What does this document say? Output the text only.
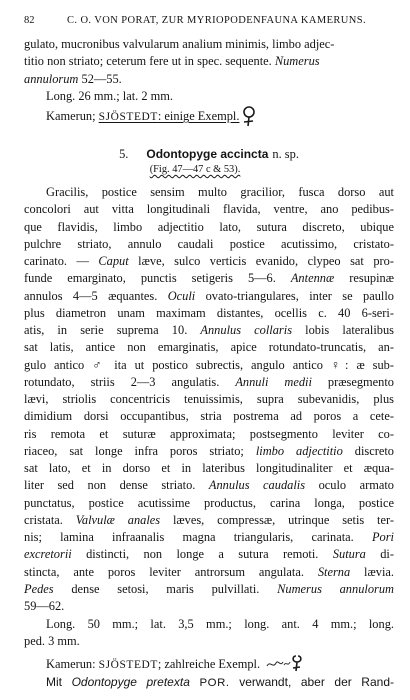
82	C. O. VON PORAT, ZUR MYRIOPODENFAUNA KAMERUNS.

gulato, mucronibus valvularum analium minimis, limbo adjec-
titio non striato; ceterum fere ut in spec. sequente. Numerus
annulorum 52—55.

Long. 26 mm.; lat. 2 mm.
Kamerun; SJÖSTEDT: einige Exempl.

5. Odontopyge accincta n. sp.
(Fig. 47—47 c & 53).
Gracilis, postice sensim multo gracilior, fusca dorso aut
concolori aut vitta longitudinali flavida, ventre, ano pedibus-
que flavidis, limbo adjectitio lato, sutura discreto, ubique
pulchre striato, annulo caudali postice acutissimo, cristato-
carinato. — Caput læve, sulco verticis evanido, clypeo sat pro-
funde emarginato, punctis setigeris 5—6. Antennæ resupinæ
annulos 4—5 æquantes. Oculi ovato-triangulares, inter se paullo
plus diametron unam maximam distantes, ocellis c. 40 6-seri-
atis, in serie suprema 10. Annulus collaris lobis lateralibus
sat latis, antice non emarginatis, apice rotundato-truncatis, an-
gulo antico ♂ ita ut postico subrectis, angulo antico ♀: æ sub-
rotundato, striis 2—3 angulatis. Annuli medii præsegmento
lævi, striolis concentricis tenuissimis, supra subevanidis, plus
dimidium dorsi occupantibus, stria postrema ad poros a cete-
ris remota et suturæ approximata; postsegmento leviter co-
riaceo, sat longe infra poros striato; limbo adjectitio discreto
sat lato, et in dorso et in lateribus longitudinaliter et æqua-
liter sed non dense striato. Annulus caudalis oculo armato
punctatus, postice acutissime productus, carina longa, postice
cristata. Valvulæ anales læves, compressæ, utrinque setis ter-
nis; lamina infraanalis magna triangularis, carinata. Pori
excretorii distincti, non longe a sutura remoti. Sutura di-
stincta, ante poros leviter antrorsum angulata. Sterna lævia.
Pedes dense setosi, maris pulvillati. Numerus annulorum
59—62.
Long. 50 mm.; lat. 3,5 mm.; long. ant. 4 mm.; long.
ped. 3 mm.
Kamerun: SJÖSTEDT; zahlreiche Exempl.
Mit Odontopyge pretexta POR. verwandt, aber der Rand-
